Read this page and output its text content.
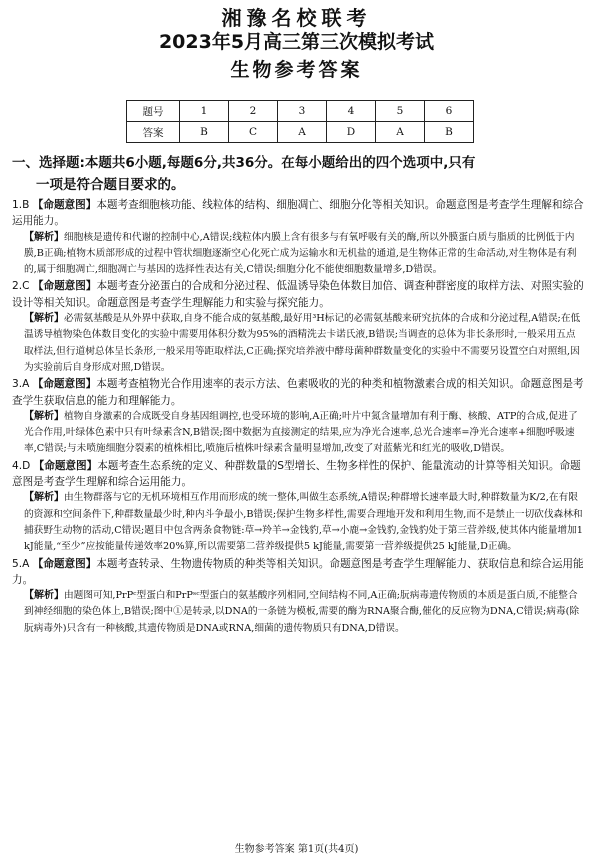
湘豫名校联考
2023年5月高三第三次模拟考试
生物参考答案
题号	1	2	3	4	5	6
答案	B	C	A	D	A	B
一、选择题:本题共6小题,每题6分,共36分。在每小题给出的四个选项中,只有
一项是符合题目要求的。
1.B 【命题意图】本题考查细胞核功能、线粒体的结构、细胞凋亡、细胞分化等相关知识。命题意图是考查学生理解和综合运用能力。
【解析】细胞核是遗传和代谢的控制中心,A错误;线粒体内膜上含有很多与有氧呼吸有关的酶,所以外膜蛋白质与脂质的比例低于内膜,B正确;植物木质部形成的过程中管状细胞逐渐空心化死亡成为运输水和无机盐的通道,是生物体正常的生命活动,对生物体是有利的,属于细胞凋亡,细胞凋亡与基因的选择性表达有关,C错误;细胞分化不能使细胞数量增多,D错误。
2.C 【命题意图】本题考查分泌蛋白的合成和分泌过程、低温诱导染色体数目加倍、调查种群密度的取样方法、对照实验的设计等相关知识。命题意图是考查学生理解能力和实验与探究能力。
【解析】必需氨基酸是从外界中获取,自身不能合成的氨基酸,最好用³H标记的必需氨基酸来研究抗体的合成和分泌过程,A错误;在低温诱导植物染色体数目变化的实验中需要用体积分数为95%的酒精洗去卡诺氏液,B错误;当调查的总体为非长条形时,一般采用五点取样法,但行道树总体呈长条形,一般采用等距取样法,C正确;探究培养液中酵母菌种群数量变化的实验中不需要另设置空白对照组,因为实验前后自身形成对照,D错误。
3.A 【命题意图】本题考查植物光合作用速率的表示方法、色素吸收的光的种类和植物激素合成的相关知识。命题意图是考查学生获取信息的能力和理解能力。
【解析】植物自身激素的合成既受自身基因组调控,也受环境的影响,A正确;叶片中氮含量增加有利于酶、核酸、ATP的合成,促进了光合作用,叶绿体色素中只有叶绿素含N,B错误;图中数据为直接测定的结果,应为净光合速率,总光合速率=净光合速率+细胞呼吸速率,C错误;与未喷施细胞分裂素的植株相比,喷施后植株叶绿素含量明显增加,改变了对蓝紫光和红光的吸收,D错误。
4.D 【命题意图】本题考查生态系统的定义、种群数量的S型增长、生物多样性的保护、能量流动的计算等相关知识。命题意图是考查学生理解和综合运用能力。
【解析】由生物群落与它的无机环境相互作用而形成的统一整体,叫做生态系统,A错误;种群增长速率最大时,种群数量为K/2,在有限的资源和空间条件下,种群数量最少时,种内斗争最小,B错误;保护生物多样性,需要合理地开发和利用生物,而不是禁止一切砍伐森林和捕获野生动物的活动,C错误;题目中包含两条食物链:草→羚羊→金钱豹,草→小鹿→金钱豹,金钱豹处于第三营养级,使其体内能量增加1 kJ能量,“至少”应按能量传递效率20%算,所以需要第二营养级提供5 kJ能量,需要第一营养级提供25 kJ能量,D正确。
5.A 【命题意图】本题考查转录、生物遗传物质的种类等相关知识。命题意图是考查学生理解能力、获取信息和综合运用能力。
【解析】由题图可知,PrPᶜ型蛋白和PrPˢᶜ型蛋白的氨基酸序列相同,空间结构不同,A正确;朊病毒遗传物质的本质是蛋白质,不能整合到神经细胞的染色体上,B错误;图中①是转录,以DNA的一条链为模板,需要的酶为RNA聚合酶,催化的反应物为DNA,C错误;病毒(除朊病毒外)只含有一种核酸,其遗传物质是DNA或RNA,细菌的遗传物质只有DNA,D错误。
生物参考答案 第1页(共4页)
